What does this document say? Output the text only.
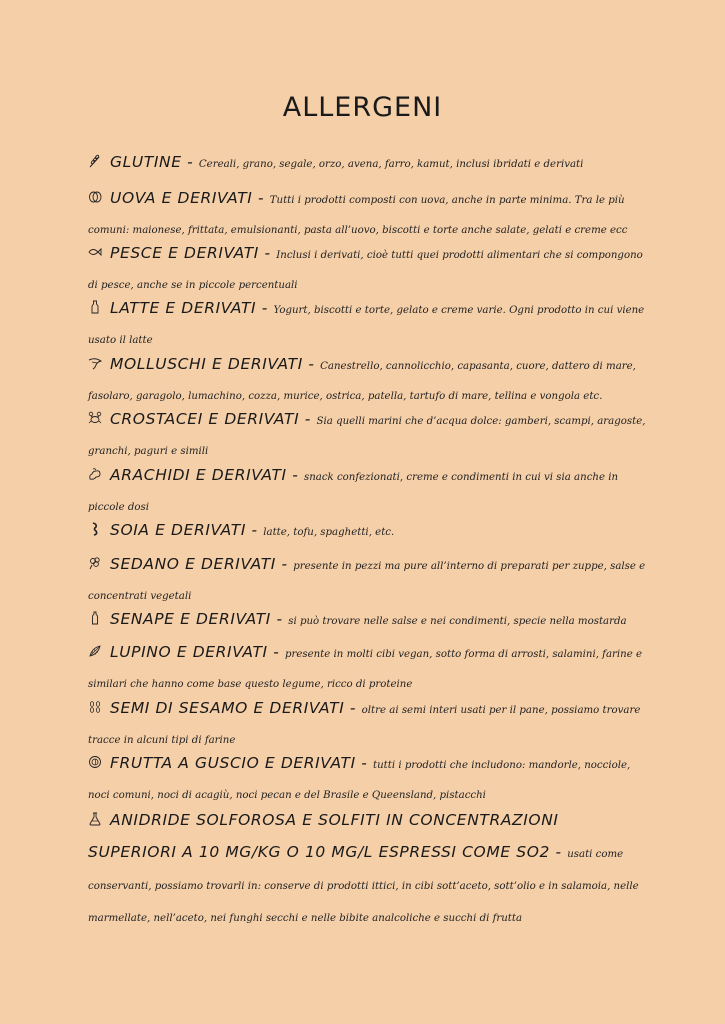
ALLERGENI
GLUTINE - Cereali, grano, segale, orzo, avena, farro, kamut, inclusi ibridati e derivati
UOVA E DERIVATI - Tutti i prodotti composti con uova, anche in parte minima. Tra le più comuni: maionese, frittata, emulsionanti, pasta all’uovo, biscotti e torte anche salate, gelati e creme ecc
PESCE E DERIVATI - Inclusi i derivati, cioè tutti quei prodotti alimentari che si compongono di pesce, anche se in piccole percentuali
LATTE E DERIVATI - Yogurt, biscotti e torte, gelato e creme varie. Ogni prodotto in cui viene usato il latte
MOLLUSCHI E DERIVATI - Canestrello, cannolicchio, capasanta, cuore, dattero di mare, fasolaro, garagolo, lumachino, cozza, murice, ostrica, patella, tartufo di mare, tellina e vongola etc.
CROSTACEI E DERIVATI - Sia quelli marini che d’acqua dolce: gamberi, scampi, aragoste, granchi, paguri e simili
ARACHIDI E DERIVATI - snack confezionati, creme e condimenti in cui vi sia anche in piccole dosi
SOIA E DERIVATI - latte, tofu, spaghetti, etc.
SEDANO E DERIVATI - presente in pezzi ma pure all’interno di preparati per zuppe, salse e concentrati vegetali
SENAPE E DERIVATI - si può trovare nelle salse e nei condimenti, specie nella mostarda
LUPINO E DERIVATI - presente in molti cibi vegan, sotto forma di arrosti, salamini, farine e similari che hanno come base questo legume, ricco di proteine
SEMI DI SESAMO E DERIVATI - oltre ai semi interi usati per il pane, possiamo trovare tracce in alcuni tipi di farine
FRUTTA A GUSCIO E DERIVATI - tutti i prodotti che includono: mandorle, nocciole, noci comuni, noci di acagiù, noci pecan e del Brasile e Queensland, pistacchi
ANIDRIDE SOLFOROSA E SOLFITI IN CONCENTRAZIONI SUPERIORI A 10 MG/KG O 10 MG/L ESPRESSI COME SO2 - usati come conservanti, possiamo trovarli in: conserve di prodotti ittici, in cibi sott’aceto, sott’olio e in salamoia, nelle marmellate, nell’aceto, nei funghi secchi e nelle bibite analcoliche e succhi di frutta
